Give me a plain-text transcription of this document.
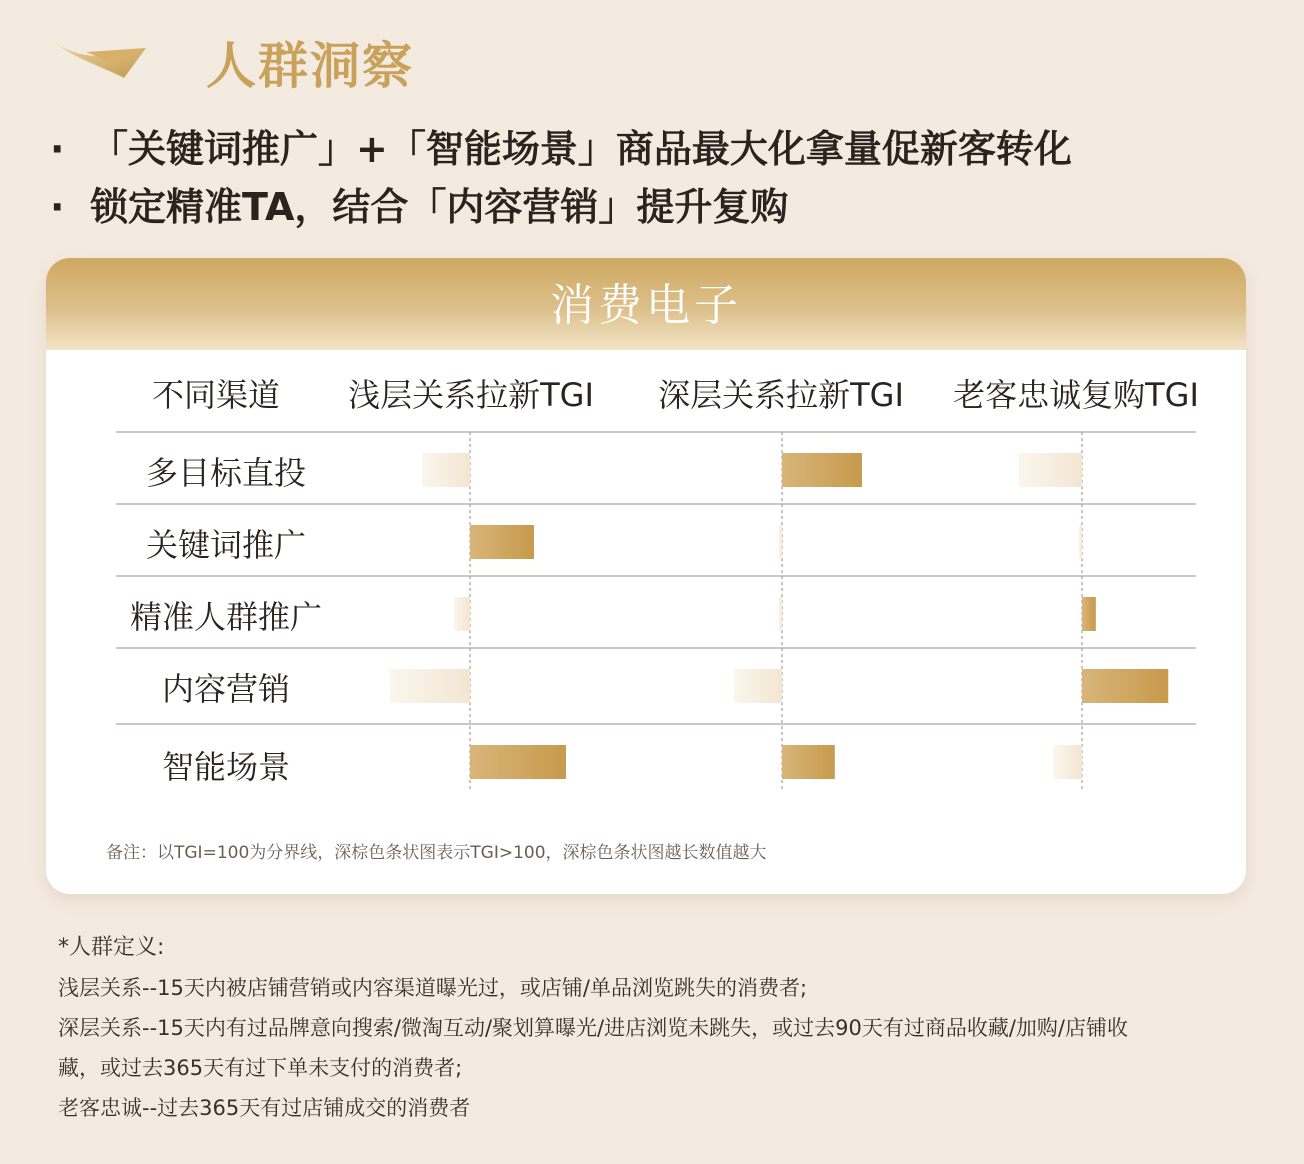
人群洞察
· 「关键词推广」+「智能场景」商品最大化拿量促新客转化
· 锁定精准TA，结合「内容营销」提升复购
消费电子
不同渠道	浅层关系拉新TGI	深层关系拉新TGI	老客忠诚复购TGI
多目标直投
关键词推广
精准人群推广
内容营销
智能场景
备注：以TGI=100为分界线，深棕色条状图表示TGI>100，深棕色条状图越长数值越大
*人群定义:
浅层关系--15天内被店铺营销或内容渠道曝光过，或店铺/单品浏览跳失的消费者;
深层关系--15天内有过品牌意向搜索/微淘互动/聚划算曝光/进店浏览未跳失，或过去90天有过商品收藏/加购/店铺收
藏，或过去365天有过下单未支付的消费者;
老客忠诚--过去365天有过店铺成交的消费者
